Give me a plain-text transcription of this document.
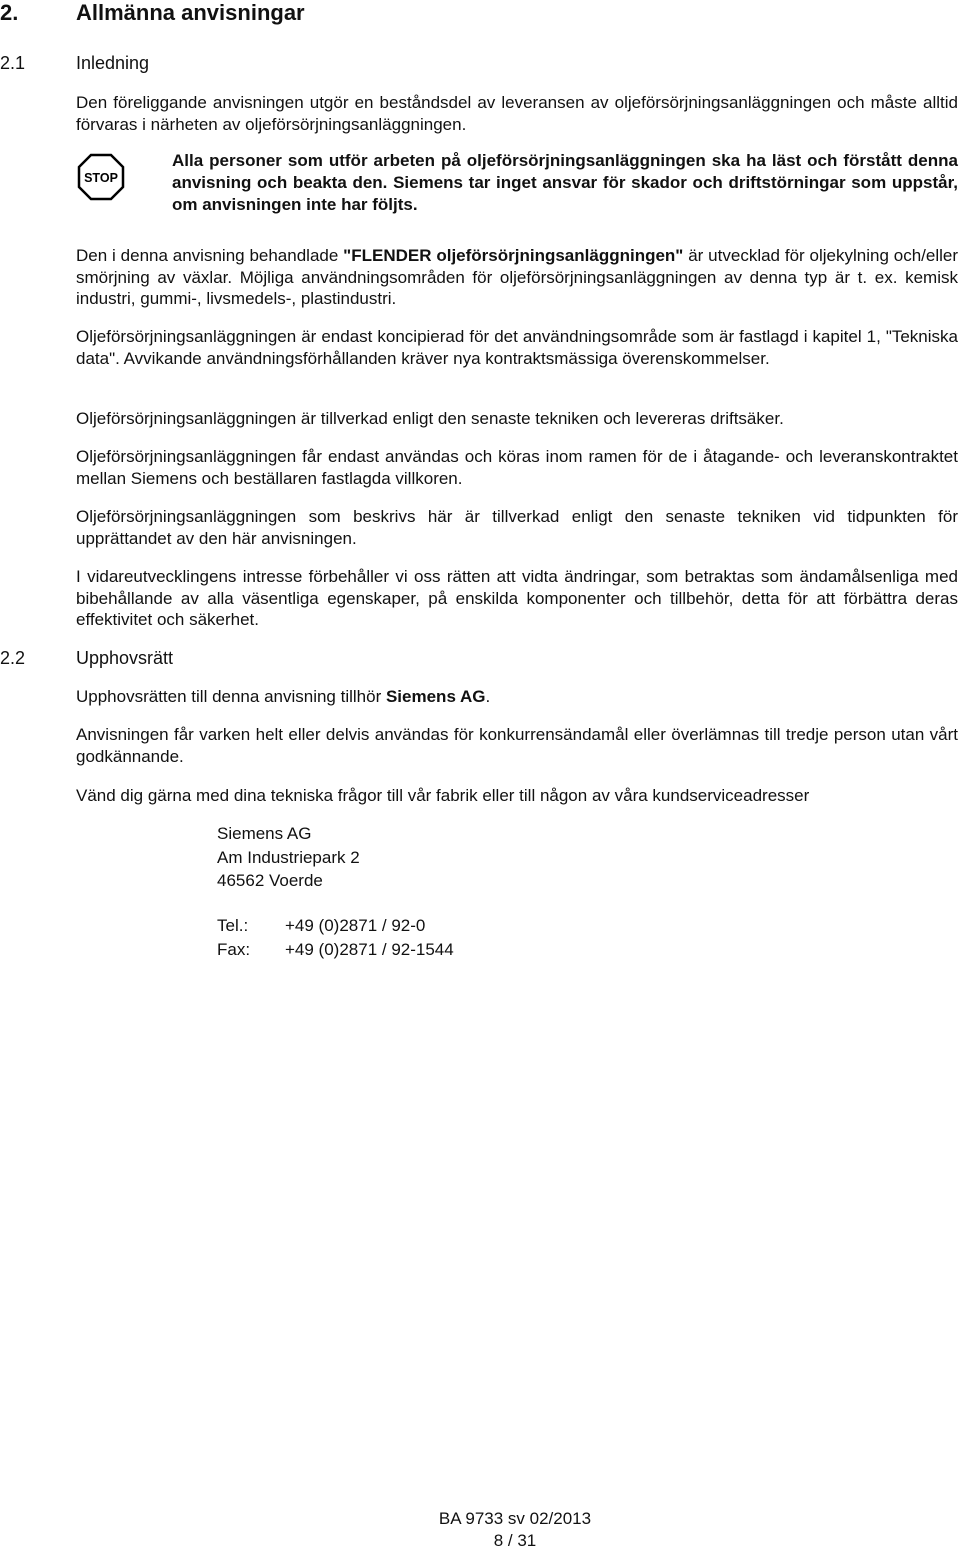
2.	Allmänna anvisningar
2.1	Inledning

Den föreliggande anvisningen utgör en beståndsdel av leveransen av oljeförsörjningsanläggningen och måste alltid förvaras i närheten av oljeförsörjningsanläggningen.

STOP

Alla personer som utför arbeten på oljeförsörjningsanläggningen ska ha läst och förstått denna anvisning och beakta den. Siemens tar inget ansvar för skador och driftstörningar som uppstår, om anvisningen inte har följts.

Den i denna anvisning behandlade "FLENDER oljeförsörjningsanläggningen" är utvecklad för oljekylning och/eller smörjning av växlar. Möjliga användningsområden för oljeförsörjningsanläggningen av denna typ är t. ex. kemisk industri, gummi-, livsmedels-, plastindustri.

Oljeförsörjningsanläggningen är endast koncipierad för det användningsområde som är fastlagd i kapitel 1, "Tekniska data". Avvikande användningsförhållanden kräver nya kontraktsmässiga överenskommelser.

Oljeförsörjningsanläggningen är tillverkad enligt den senaste tekniken och levereras driftsäker.

Oljeförsörjningsanläggningen får endast användas och köras inom ramen för de i åtagande- och leveranskontraktet mellan Siemens och beställaren fastlagda villkoren.

Oljeförsörjningsanläggningen som beskrivs här är tillverkad enligt den senaste tekniken vid tidpunkten för upprättandet av den här anvisningen.

I vidareutvecklingens intresse förbehåller vi oss rätten att vidta ändringar, som betraktas som ändamålsenliga med bibehållande av alla väsentliga egenskaper, på enskilda komponenter och tillbehör, detta för att förbättra deras effektivitet och säkerhet.

2.2	Upphovsrätt

Upphovsrätten till denna anvisning tillhör Siemens AG.

Anvisningen får varken helt eller delvis användas för konkurrensändamål eller överlämnas till tredje person utan vårt godkännande.

Vänd dig gärna med dina tekniska frågor till vår fabrik eller till någon av våra kundserviceadresser

Siemens AG
Am Industriepark 2
46562 Voerde
Tel.: +49 (0)2871 / 92-0
Fax: +49 (0)2871 / 92-1544
BA 9733 sv 02/2013
8 / 31
